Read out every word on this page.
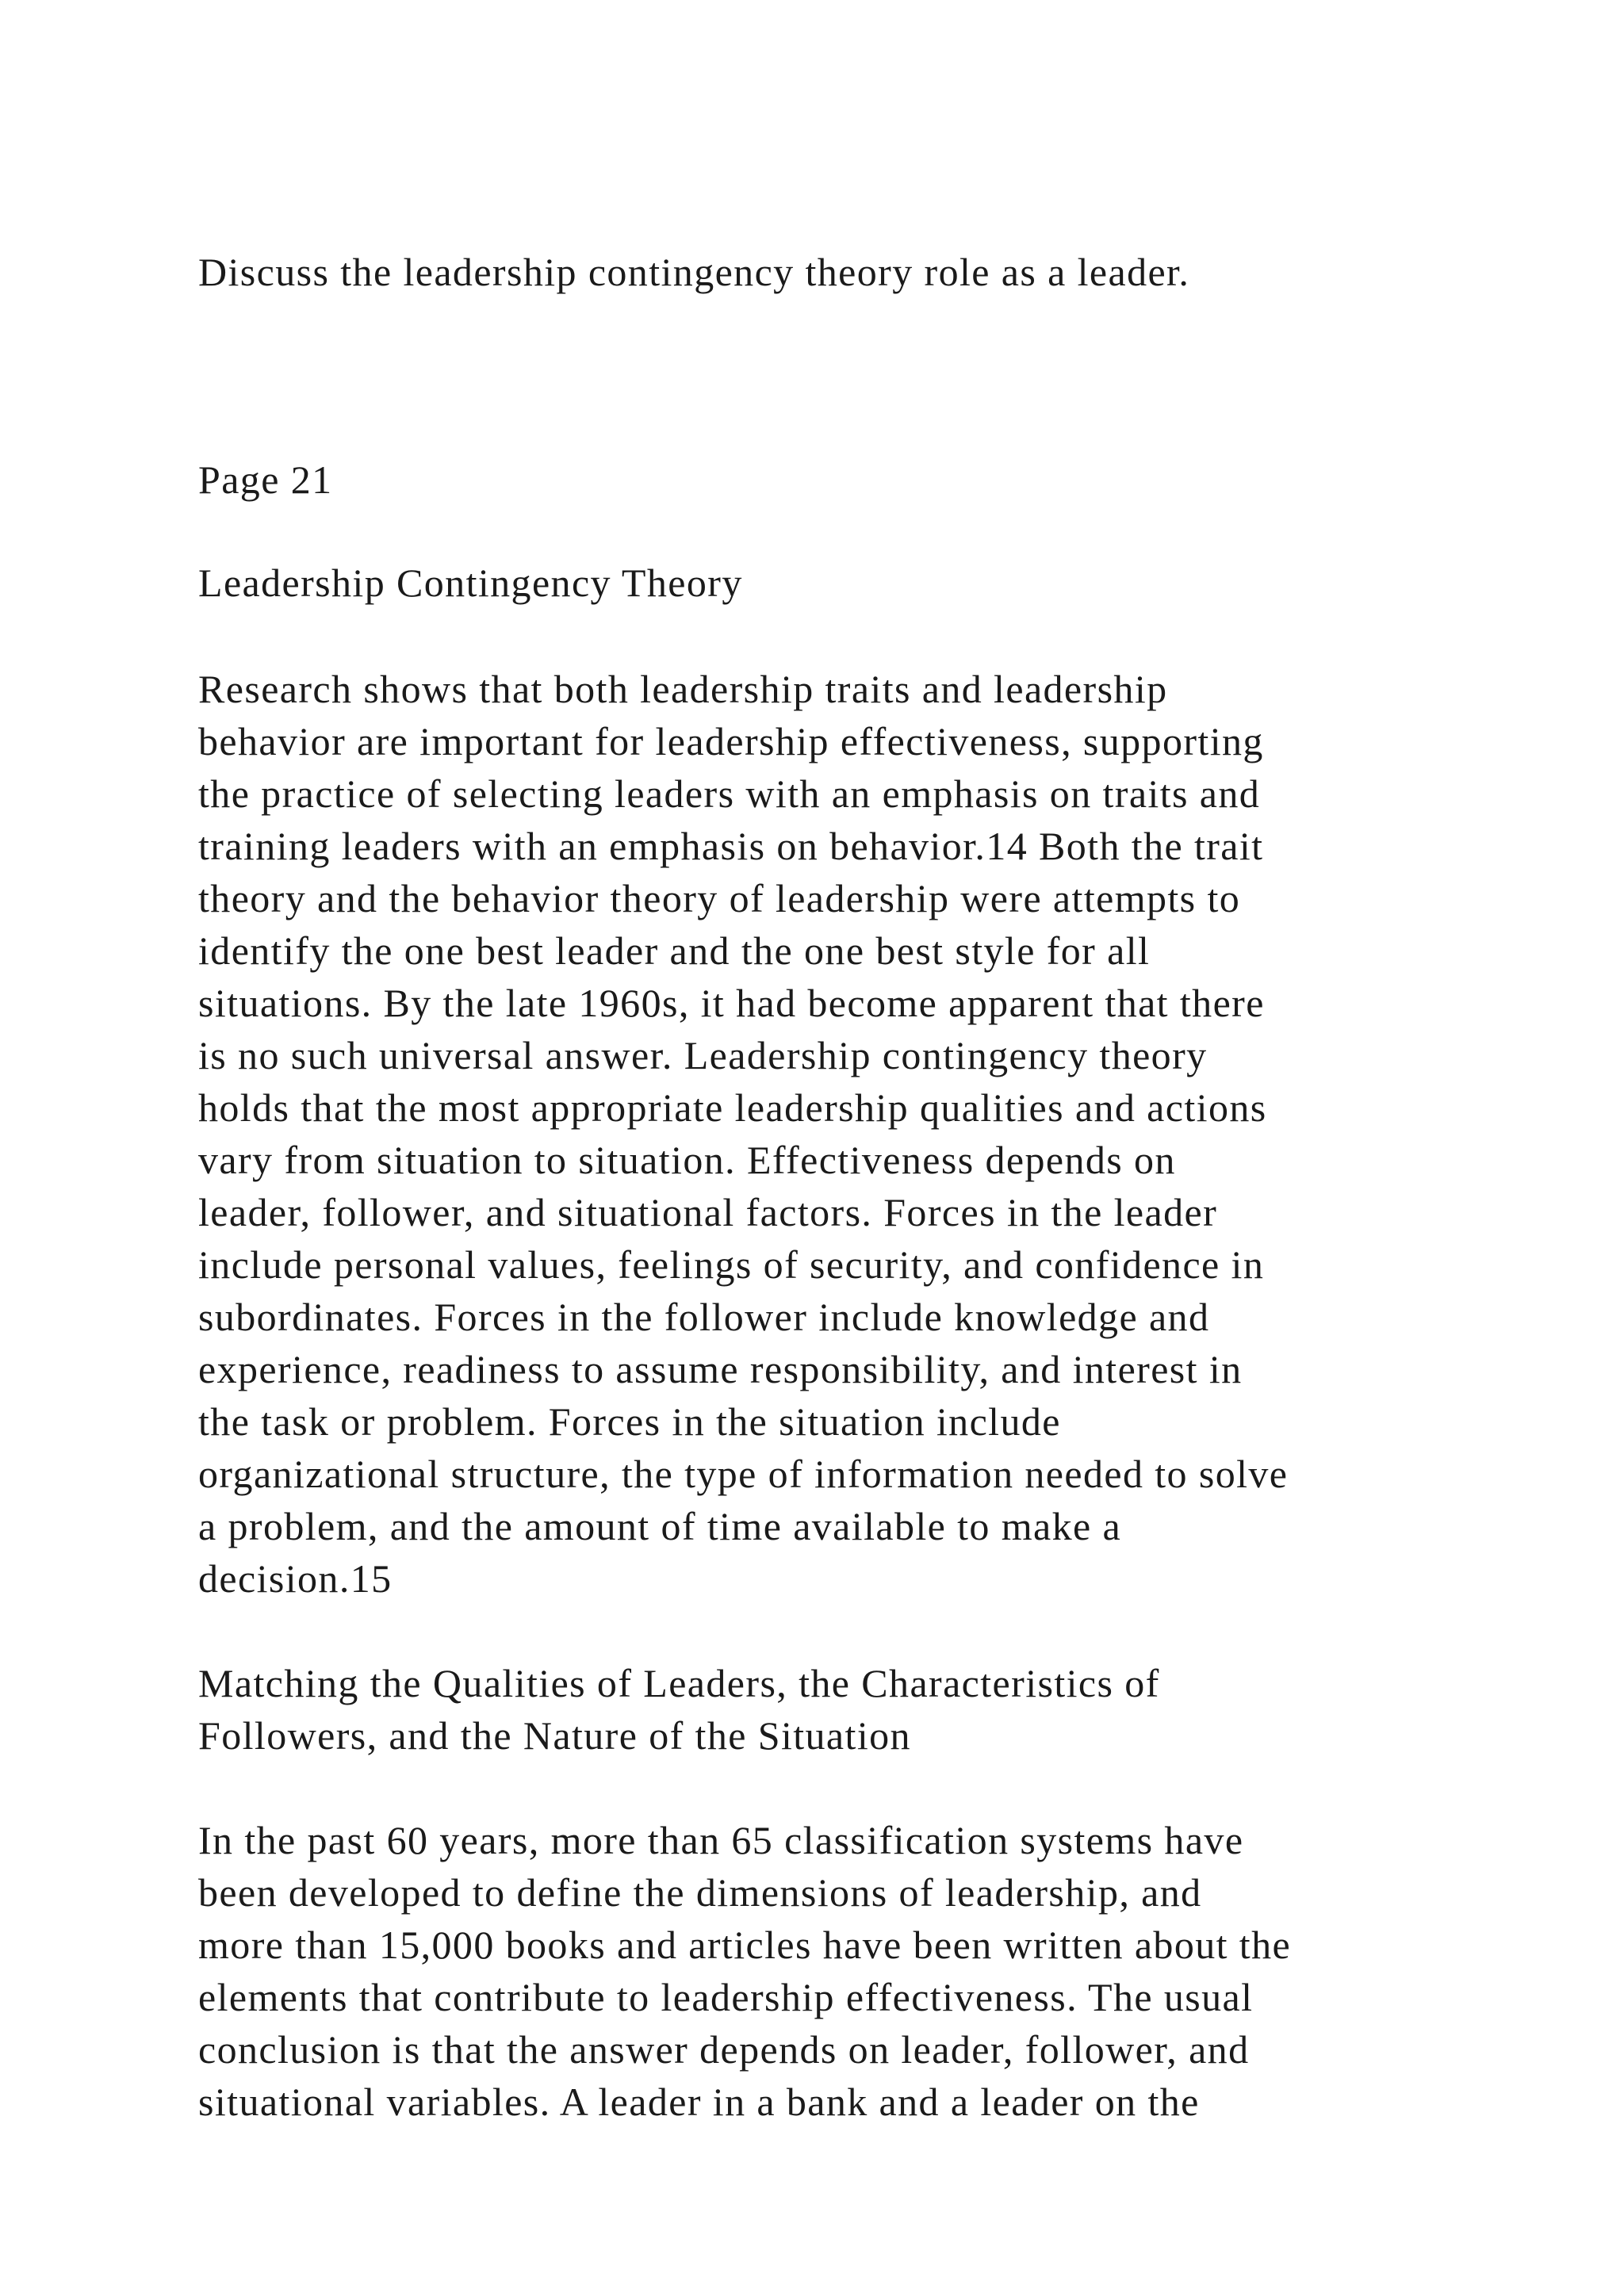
Discuss the leadership contingency theory role as a leader.

Page 21

Leadership Contingency Theory

Research shows that both leadership traits and leadership
behavior are important for leadership effectiveness, supporting
the practice of selecting leaders with an emphasis on traits and
training leaders with an emphasis on behavior.14 Both the trait
theory and the behavior theory of leadership were attempts to
identify the one best leader and the one best style for all
situations. By the late 1960s, it had become apparent that there
is no such universal answer. Leadership contingency theory
holds that the most appropriate leadership qualities and actions
vary from situation to situation. Effectiveness depends on
leader, follower, and situational factors. Forces in the leader
include personal values, feelings of security, and confidence in
subordinates. Forces in the follower include knowledge and
experience, readiness to assume responsibility, and interest in
the task or problem. Forces in the situation include
organizational structure, the type of information needed to solve
a problem, and the amount of time available to make a
decision.15

Matching the Qualities of Leaders, the Characteristics of
Followers, and the Nature of the Situation

In the past 60 years, more than 65 classification systems have
been developed to define the dimensions of leadership, and
more than 15,000 books and articles have been written about the
elements that contribute to leadership effectiveness. The usual
conclusion is that the answer depends on leader, follower, and
situational variables. A leader in a bank and a leader on the
